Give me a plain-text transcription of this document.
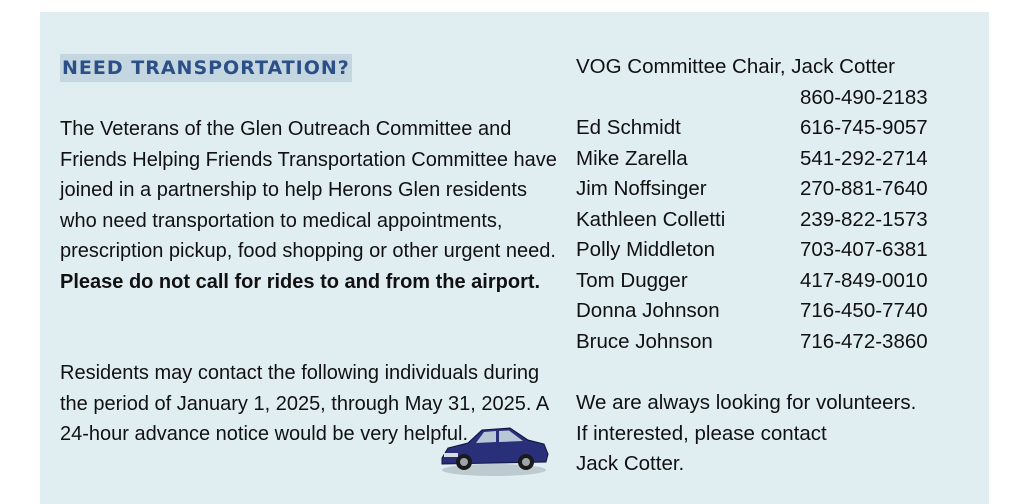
NEED TRANSPORTATION?

The Veterans of the Glen Outreach Committee and Friends Helping Friends Transportation Committee have joined in a partnership to help Herons Glen residents who need transportation to medical appointments, prescription pickup, food shopping or other urgent need. Please do not call for rides to and from the airport.

Residents may contact the following individuals during the period of January 1, 2025, through May 31, 2025. A 24-hour advance notice would be very helpful.

VOG Committee Chair, Jack Cotter
860-490-2183
Ed Schmidt	616-745-9057
Mike Zarella	541-292-2714
Jim Noffsinger	270-881-7640
Kathleen Colletti	239-822-1573
Polly Middleton	703-407-6381
Tom Dugger	417-849-0010
Donna Johnson	716-450-7740
Bruce Johnson	716-472-3860
We are always looking for volunteers.
If interested, please contact
Jack Cotter.
